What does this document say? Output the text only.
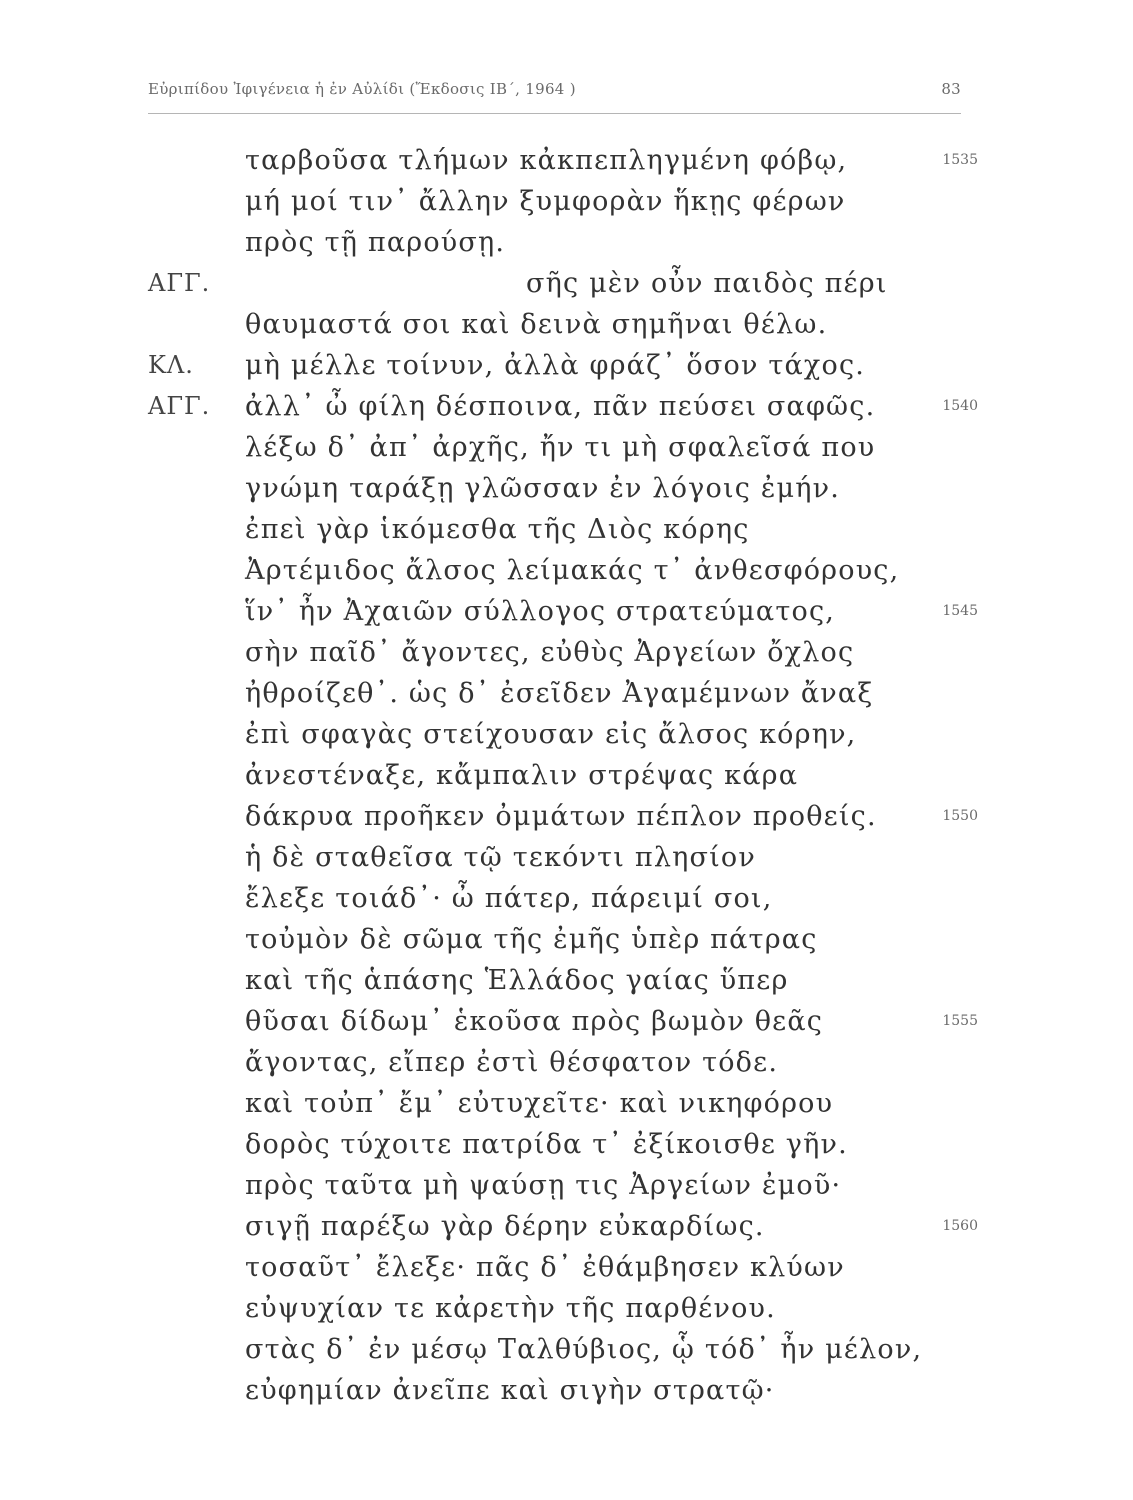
Εὐριπίδου Ἰφιγένεια ἡ ἐν Αὐλίδι (Ἔκδοσις ΙΒ΄, 1964 )	83
ταρβοῦσα τλήμων κἀκπεπληγμένη φόβῳ,	1535
μή μοί τιν᾽ ἄλλην ξυμφορὰν ἥκῃς φέρων
πρὸς τῇ παρούσῃ.
ΑΓΓ.	σῆς μὲν οὖν παιδὸς πέρι
θαυμαστά σοι καὶ δεινὰ σημῆναι θέλω.
ΚΛ.	μὴ μέλλε τοίνυν, ἀλλὰ φράζ᾽ ὅσον τάχος.
ΑΓΓ.	ἀλλ᾽ ὦ φίλη δέσποινα, πᾶν πεύσει σαφῶς.	1540
λέξω δ᾽ ἀπ᾽ ἀρχῆς, ἤν τι μὴ σφαλεῖσά που
γνώμη ταράξῃ γλῶσσαν ἐν λόγοις ἐμήν.
ἐπεὶ γὰρ ἱκόμεσθα τῆς Διὸς κόρης
Ἀρτέμιδος ἄλσος λείμακάς τ᾽ ἀνθεσφόρους,
ἵν᾽ ἦν Ἀχαιῶν σύλλογος στρατεύματος,	1545
σὴν παῖδ᾽ ἄγοντες, εὐθὺς Ἀργείων ὄχλος
ἠθροίζεθ᾽. ὡς δ᾽ ἐσεῖδεν Ἀγαμέμνων ἄναξ
ἐπὶ σφαγὰς στείχουσαν εἰς ἄλσος κόρην,
ἀνεστέναξε, κἄμπαλιν στρέψας κάρα
δάκρυα προῆκεν ὀμμάτων πέπλον προθείς.	1550
ἡ δὲ σταθεῖσα τῷ τεκόντι πλησίον
ἔλεξε τοιάδ᾽· ὦ πάτερ, πάρειμί σοι,
τοὐμὸν δὲ σῶμα τῆς ἐμῆς ὑπὲρ πάτρας
καὶ τῆς ἁπάσης Ἑλλάδος γαίας ὕπερ
θῦσαι δίδωμ᾽ ἑκοῦσα πρὸς βωμὸν θεᾶς	1555
ἄγοντας, εἴπερ ἐστὶ θέσφατον τόδε.
καὶ τοὐπ᾽ ἔμ᾽ εὐτυχεῖτε· καὶ νικηφόρου
δορὸς τύχοιτε πατρίδα τ᾽ ἐξίκοισθε γῆν.
πρὸς ταῦτα μὴ ψαύσῃ τις Ἀργείων ἐμοῦ·
σιγῇ παρέξω γὰρ δέρην εὐκαρδίως.	1560
τοσαῦτ᾽ ἔλεξε· πᾶς δ᾽ ἐθάμβησεν κλύων
εὐψυχίαν τε κἀρετὴν τῆς παρθένου.
στὰς δ᾽ ἐν μέσῳ Ταλθύβιος, ᾧ τόδ᾽ ἦν μέλον,
εὐφημίαν ἀνεῖπε καὶ σιγὴν στρατῷ·
